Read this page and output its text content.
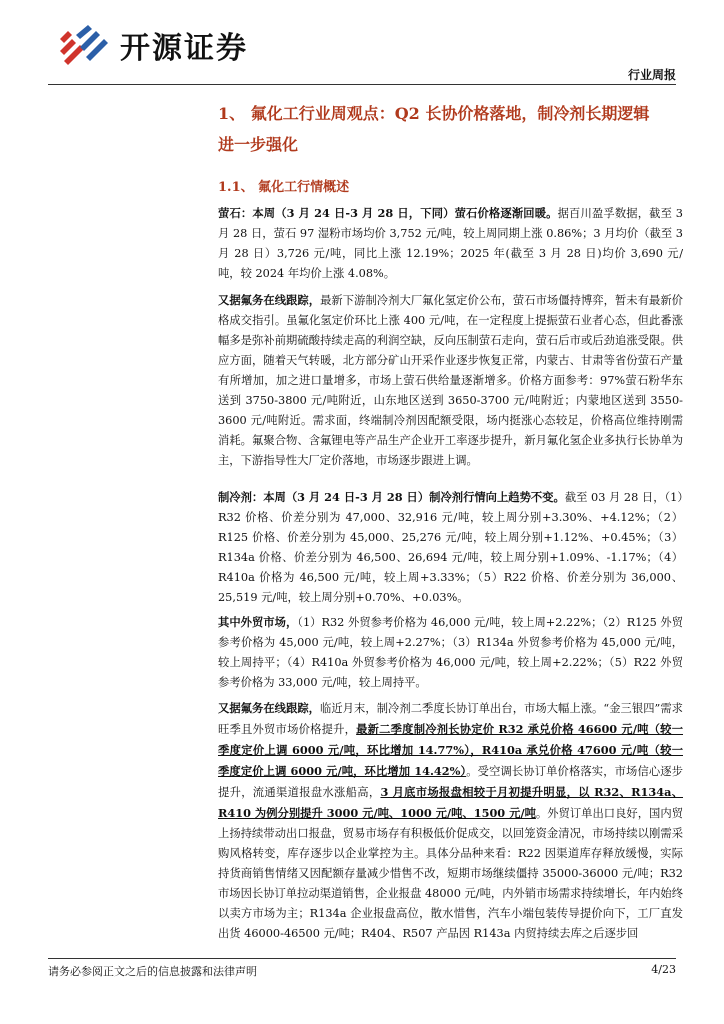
开源证券
行业周报
1、 氟化工行业周观点：Q2 长协价格落地，制冷剂长期逻辑
进一步强化
1.1、 氟化工行情概述
萤石：本周（3 月 24 日-3 月 28 日，下同）萤石价格逐渐回暖。据百川盈孚数据，截至 3 月 28 日，萤石 97 湿粉市场均价 3,752 元/吨，较上周同期上涨 0.86%；3 月均价（截至 3 月 28 日）3,726 元/吨，同比上涨 12.19%；2025 年(截至 3 月 28 日)均价 3,690 元/吨，较 2024 年均价上涨 4.08%。
又据氟务在线跟踪，最新下游制冷剂大厂氟化氢定价公布，萤石市场僵持博弈，暂未有最新价格成交指引。虽氟化氢定价环比上涨 400 元/吨，在一定程度上提振萤石业者心态，但此番涨幅多是弥补前期硫酸持续走高的利润空缺，反向压制萤石走向，萤石后市或后劲追涨受限。供应方面，随着天气转暖，北方部分矿山开采作业逐步恢复正常，内蒙古、甘肃等省份萤石产量有所增加，加之进口量增多，市场上萤石供给量逐渐增多。价格方面参考：97%萤石粉华东送到 3750-3800 元/吨附近，山东地区送到 3650-3700 元/吨附近；内蒙地区送到 3550-3600 元/吨附近。需求面，终端制冷剂因配额受限，场内挺涨心态较足，价格高位维持刚需消耗。氟聚合物、含氟锂电等产品生产企业开工率逐步提升，新月氟化氢企业多执行长协单为主，下游指导性大厂定价落地，市场逐步跟进上调。
制冷剂：本周（3 月 24 日-3 月 28 日）制冷剂行情向上趋势不变。截至 03 月 28 日，（1）R32 价格、价差分别为 47,000、32,916 元/吨，较上周分别+3.30%、+4.12%；（2）R125 价格、价差分别为 45,000、25,276 元/吨，较上周分别+1.12%、+0.45%；（3）R134a 价格、价差分别为 46,500、26,694 元/吨，较上周分别+1.09%、-1.17%；（4）R410a 价格为 46,500 元/吨，较上周+3.33%；（5）R22 价格、价差分别为 36,000、25,519 元/吨，较上周分别+0.70%、+0.03%。
其中外贸市场，（1）R32 外贸参考价格为 46,000 元/吨，较上周+2.22%；（2）R125 外贸参考价格为 45,000 元/吨，较上周+2.27%；（3）R134a 外贸参考价格为 45,000 元/吨，较上周持平；（4）R410a 外贸参考价格为 46,000 元/吨，较上周+2.22%；（5）R22 外贸参考价格为 33,000 元/吨，较上周持平。
又据氟务在线跟踪，临近月末，制冷剂二季度长协订单出台，市场大幅上涨。“金三银四”需求旺季且外贸市场价格提升，最新二季度制冷剂长协定价 R32 承兑价格 46600 元/吨（较一季度定价上调 6000 元/吨，环比增加 14.77%），R410a 承兑价格 47600 元/吨（较一季度定价上调 6000 元/吨，环比增加 14.42%）。受空调长协订单价格落实，市场信心逐步提升，流通渠道报盘水涨船高，3 月底市场报盘相较于月初提升明显，以 R32、R134a、R410 为例分别提升 3000 元/吨、1000 元/吨、1500 元/吨。外贸订单出口良好，国内贸上扬持续带动出口报盘，贸易市场存有积极低价促成交，以回笼资金清况，市场持续以刚需采购风格转变，库存逐步以企业掌控为主。具体分品种来看：R22 因渠道库存释放缓慢，实际持货商销售情绪又因配额存量减少惜售不改，短期市场继续僵持 35000-36000 元/吨；R32 市场因长协订单拉动渠道销售，企业报盘 48000 元/吨，内外销市场需求持续增长，年内始终以卖方市场为主；R134a 企业报盘高位，散水惜售，汽车小端包装传导提价向下，工厂直发出货 46000-46500 元/吨；R404、R507 产品因 R143a 内贸持续去库之后逐步回
请务必参阅正文之后的信息披露和法律声明	4/23
